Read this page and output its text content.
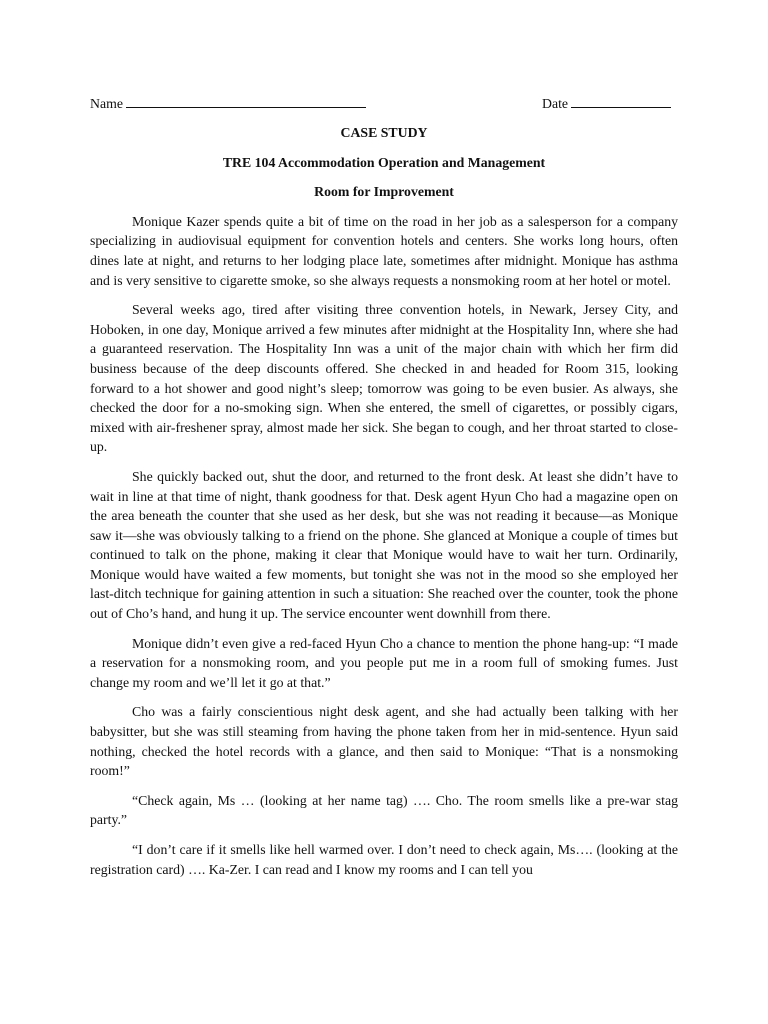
Name	Date

CASE STUDY

TRE 104 Accommodation Operation and Management

Room for Improvement

Monique Kazer spends quite a bit of time on the road in her job as a salesperson for a company specializing in audiovisual equipment for convention hotels and centers. She works long hours, often dines late at night, and returns to her lodging place late, sometimes after midnight. Monique has asthma and is very sensitive to cigarette smoke, so she always requests a nonsmoking room at her hotel or motel.

Several weeks ago, tired after visiting three convention hotels, in Newark, Jersey City, and Hoboken, in one day, Monique arrived a few minutes after midnight at the Hospitality Inn, where she had a guaranteed reservation. The Hospitality Inn was a unit of the major chain with which her firm did business because of the deep discounts offered. She checked in and headed for Room 315, looking forward to a hot shower and good night’s sleep; tomorrow was going to be even busier. As always, she checked the door for a no-smoking sign. When she entered, the smell of cigarettes, or possibly cigars, mixed with air-freshener spray, almost made her sick. She began to cough, and her throat started to close-up.

She quickly backed out, shut the door, and returned to the front desk. At least she didn’t have to wait in line at that time of night, thank goodness for that. Desk agent Hyun Cho had a magazine open on the area beneath the counter that she used as her desk, but she was not reading it because—as Monique saw it—she was obviously talking to a friend on the phone. She glanced at Monique a couple of times but continued to talk on the phone, making it clear that Monique would have to wait her turn. Ordinarily, Monique would have waited a few moments, but tonight she was not in the mood so she employed her last-ditch technique for gaining attention in such a situation: She reached over the counter, took the phone out of Cho’s hand, and hung it up. The service encounter went downhill from there.

Monique didn’t even give a red-faced Hyun Cho a chance to mention the phone hang-up: “I made a reservation for a nonsmoking room, and you people put me in a room full of smoking fumes. Just change my room and we’ll let it go at that.”

Cho was a fairly conscientious night desk agent, and she had actually been talking with her babysitter, but she was still steaming from having the phone taken from her in mid-sentence. Hyun said nothing, checked the hotel records with a glance, and then said to Monique: “That is a nonsmoking room!”

“Check again, Ms … (looking at her name tag) …. Cho. The room smells like a pre-war stag party.”

“I don’t care if it smells like hell warmed over. I don’t need to check again, Ms…. (looking at the registration card) …. Ka-Zer. I can read and I know my rooms and I can tell you
